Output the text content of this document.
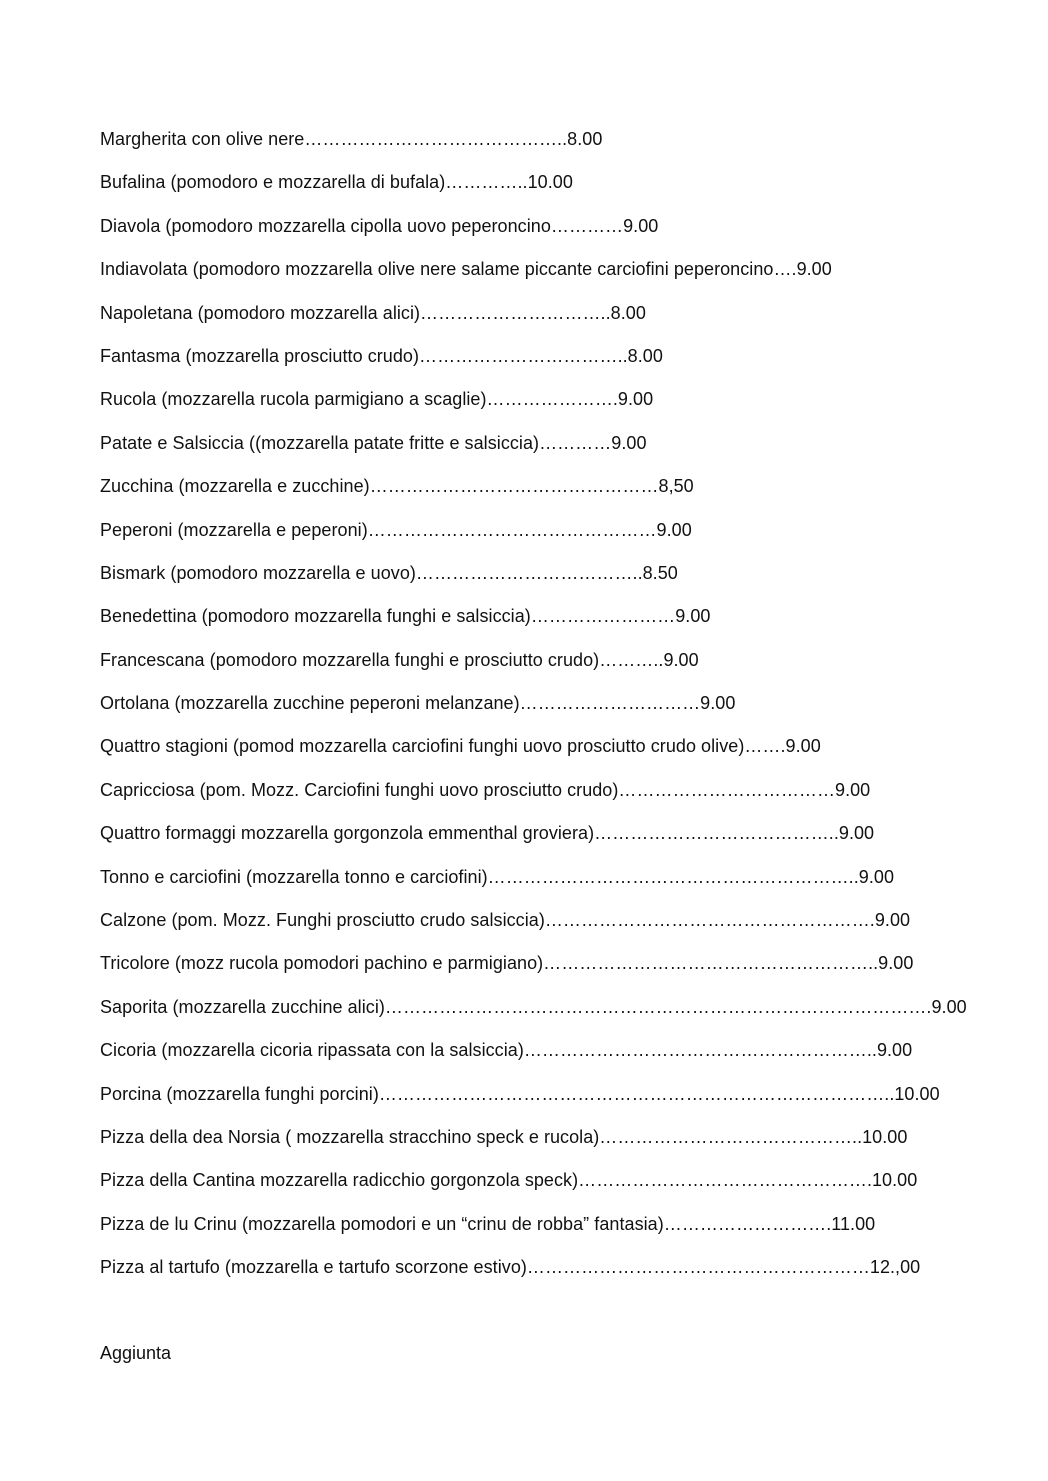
Margherita con olive nere……………………………………..8.00
Bufalina (pomodoro e mozzarella di bufala)…………..10.00
Diavola (pomodoro mozzarella cipolla uovo peperoncino…………9.00
Indiavolata (pomodoro mozzarella olive nere salame piccante carciofini peperoncino….9.00
Napoletana (pomodoro mozzarella alici)…………………………..8.00
Fantasma (mozzarella prosciutto crudo)……………………………..8.00
Rucola (mozzarella rucola parmigiano a scaglie)………………….9.00
Patate e Salsiccia ((mozzarella patate fritte e salsiccia)…………9.00
Zucchina (mozzarella e zucchine)…………………………………………8,50
Peperoni (mozzarella e peperoni)…………………………………………9.00
Bismark (pomodoro mozzarella e uovo)………………………………..8.50
Benedettina (pomodoro mozzarella funghi e salsiccia)……………………9.00
Francescana (pomodoro mozzarella funghi e prosciutto crudo)………..9.00
Ortolana (mozzarella zucchine peperoni melanzane)…………………………9.00
Quattro stagioni (pomod mozzarella carciofini funghi uovo prosciutto crudo olive)…….9.00
Capricciosa (pom. Mozz. Carciofini funghi uovo prosciutto crudo)………………………………9.00
Quattro formaggi mozzarella gorgonzola emmenthal groviera)…………………………………..9.00
Tonno e carciofini (mozzarella tonno e carciofini)……………………………………………………..9.00
Calzone (pom. Mozz. Funghi prosciutto crudo salsiccia)……………………………………………….9.00
Tricolore (mozz rucola pomodori pachino e parmigiano)………………………………………………..9.00
Saporita (mozzarella zucchine alici)……………………………………………………………………………….9.00
Cicoria (mozzarella cicoria ripassata con la salsiccia)…………………………………………………..9.00
Porcina (mozzarella funghi porcini)…………………………………………………………………………..10.00
Pizza della dea Norsia ( mozzarella stracchino speck e rucola)……………………………………..10.00
Pizza della Cantina mozzarella radicchio gorgonzola speck)………………………………………….10.00
Pizza de lu Crinu (mozzarella pomodori e un “crinu de robba” fantasia)……………………….11.00
Pizza al tartufo (mozzarella e tartufo scorzone estivo)…………………………………………………12.,00
Aggiunta
